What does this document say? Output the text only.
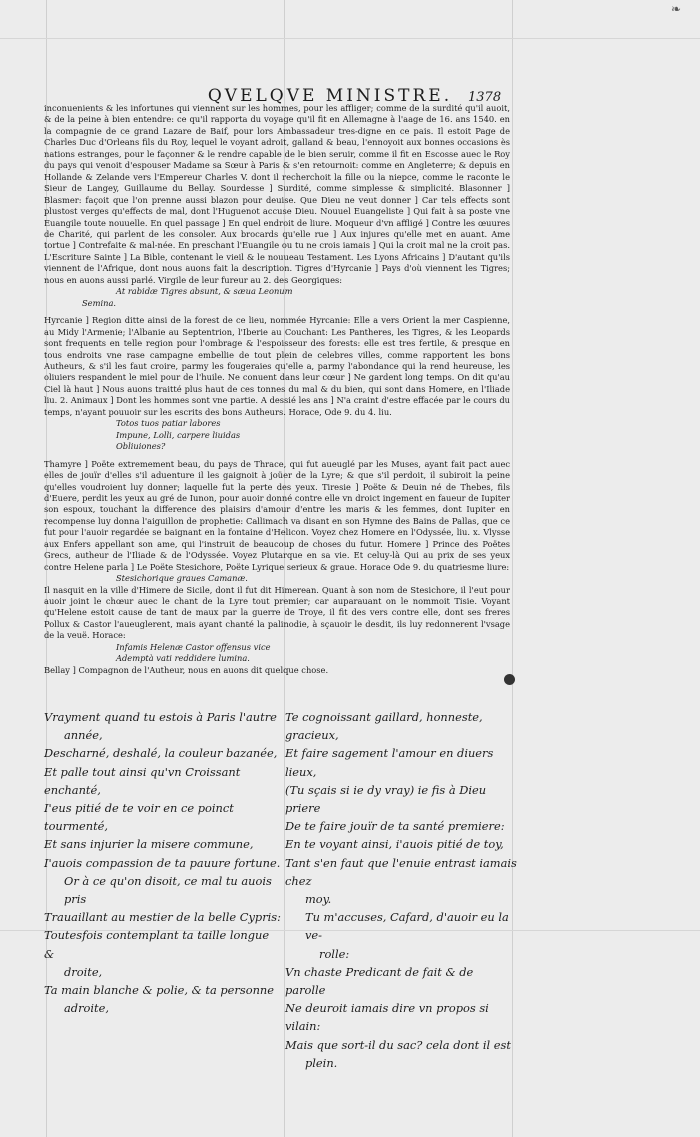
❧
QVELQVE MINISTRE.	1378

inconuenients & les infortunes qui viennent sur les hommes, pour les affliger; comme de la surdité qu'il auoit, & de la peine à bien entendre: ce qu'il rapporta du voyage qu'il fit en Allemagne à l'aage de 16. ans 1540. en la compagnie de ce grand Lazare de Baif, pour lors Ambassadeur tres-digne en ce pais. Il estoit Page de Charles Duc d'Orleans fils du Roy, lequel le voyant adroit, galland & beau, l'ennoyoit aux bonnes occasions ès nations estranges, pour le façonner & le rendre capable de le bien seruir, comme il fit en Escosse auec le Roy du pays qui venoit d'espouser Madame sa Sœur à Paris & s'en retournoit: comme en Angleterre; & depuis en Hollande & Zelande vers l'Empereur Charles V. dont il recherchoit la fille ou la niepce, comme le raconte le Sieur de Langey, Guillaume du Bellay. Sourdesse ] Surdité, comme simplesse & simplicité. Blasonner ] Blasmer: façoit que l'on prenne aussi blazon pour deuise. Que Dieu ne veut donner ] Car tels effects sont plustost verges qu'effects de mal, dont l'Huguenot accuse Dieu. Nouuel Euangeliste ] Qui fait à sa poste vne Euangile toute nouuelle. En quel passage ] En quel endroit de liure. Moqueur d'vn affligé ] Contre les œuures de Charité, qui parlent de les consoler. Aux brocards qu'elle rue ] Aux injures qu'elle met en auant. Ame tortue ] Contrefaite & mal-née. En preschant l'Euangile ou tu ne crois iamais ] Qui la croit mal ne la croit pas. L'Escriture Sainte ] La Bible, contenant le vieil & le nouueau Testament. Les Lyons Africains ] D'autant qu'ils viennent de l'Afrique, dont nous auons fait la description. Tigres d'Hyrcanie ] Pays d'où viennent les Tigres; nous en auons aussi parlé. Virgile de leur fureur au 2. des Georgiques:

At rabidæ Tigres absunt, & sæua Leonum

Semina.

Hyrcanie ] Region ditte ainsi de la forest de ce lieu, nommée Hyrcanie: Elle a vers Orient la mer Caspienne, au Midy l'Armenie; l'Albanie au Septentrion, l'Iberie au Couchant: Les Pantheres, les Tigres, & les Leopards sont frequents en telle region pour l'ombrage & l'espoisseur des forests: elle est tres fertile, & presque en tous endroits vne rase campagne embellie de tout plein de celebres villes, comme rapportent les bons Autheurs, & s'il les faut croire, parmy les fougeraies qu'elle a, parmy l'abondance qui la rend heureuse, les oliuiers respandent le miel pour de l'huile. Ne conuent dans leur cœur ] Ne gardent long temps. On dit qu'au Ciel là haut ] Nous auons traitté plus haut de ces tonnes du mal & du bien, qui sont dans Homere, en l'Iliade liu. 2. Animaux ] Dont les hommes sont vne partie. A dessié les ans ] N'a craint d'estre effacée par le cours du temps, n'ayant pouuoir sur les escrits des bons Autheurs. Horace, Ode 9. du 4. liu.

Totos tuos patiar labores

Impune, Lolli, carpere liuidas

Obliuiones?

Thamyre ] Poëte extremement beau, du pays de Thrace, qui fut aueuglé par les Muses, ayant fait pact auec elles de jouïr d'elles s'il aduenture il les gaignoit à joüer de la Lyre; & que s'il perdoit, il subiroit la peine qu'elles voudroient luy donner; laquelle fut la perte des yeux. Tiresie ] Poëte & Deuin né de Thebes, fils d'Euere, perdit les yeux au gré de Iunon, pour auoir donné contre elle vn droict ingement en faueur de Iupiter son espoux, touchant la difference des plaisirs d'amour d'entre les maris & les femmes, dont Iupiter en recompense luy donna l'aiguillon de prophetie: Callimach va disant en son Hymne des Bains de Pallas, que ce fut pour l'auoir regardée se baignant en la fontaine d'Helicon. Voyez chez Homere en l'Odyssée, liu. x. Vlysse aux Enfers appellant son ame, qui l'instruit de beaucoup de choses du futur. Homere ] Prince des Poëtes Grecs, autheur de l'Iliade & de l'Odyssée. Voyez Plutarque en sa vie. Et celuy-là Qui au prix de ses yeux contre Helene parla ] Le Poëte Stesichore, Poëte Lyrique serieux & graue. Horace Ode 9. du quatriesme liure:

Stesichorique graues Camanæ.

Il nasquit en la ville d'Himere de Sicile, dont il fut dit Himerean. Quant à son nom de Stesichore, il l'eut pour auoir joint le chœur auec le chant de la Lyre tout premier; car auparauant on le nommoit Tisie. Voyant qu'Helene estoit cause de tant de maux par la guerre de Troye, il fit des vers contre elle, dont ses freres Pollux & Castor l'aueuglerent, mais ayant chanté la palinodie, à sçauoir le desdit, ils luy redonnerent l'vsage de la veuë. Horace:

Infamis Helenæ Castor offensus vice

Ademptà vati reddidere lumina.

Bellay ] Compagnon de l'Autheur, nous en auons dit quelque chose.

Vrayment quand tu estois à Paris l'autre

année,

Descharné, deshalé, la couleur bazanée,

Et palle tout ainsi qu'vn Croissant enchanté,

I'eus pitié de te voir en ce poinct tourmenté,

Et sans injurier la misere commune,

I'auois compassion de ta pauure fortune.

Or à ce qu'on disoit, ce mal tu auois pris

Trauaillant au mestier de la belle Cypris:

Toutesfois contemplant ta taille longue &

droite,

Ta main blanche & polie, & ta personne

adroite,

Te cognoissant gaillard, honneste, gracieux,

Et faire sagement l'amour en diuers lieux,

(Tu sçais si ie dy vray) ie fis à Dieu priere

De te faire jouïr de ta santé premiere:

En te voyant ainsi, i'auois pitié de toy,

Tant s'en faut que l'enuie entrast iamais chez

moy.

Tu m'accuses, Cafard, d'auoir eu la ve-

rolle:

Vn chaste Predicant de fait & de parolle

Ne deuroit iamais dire vn propos si vilain:

Mais que sort-il du sac? cela dont il est

plein.
